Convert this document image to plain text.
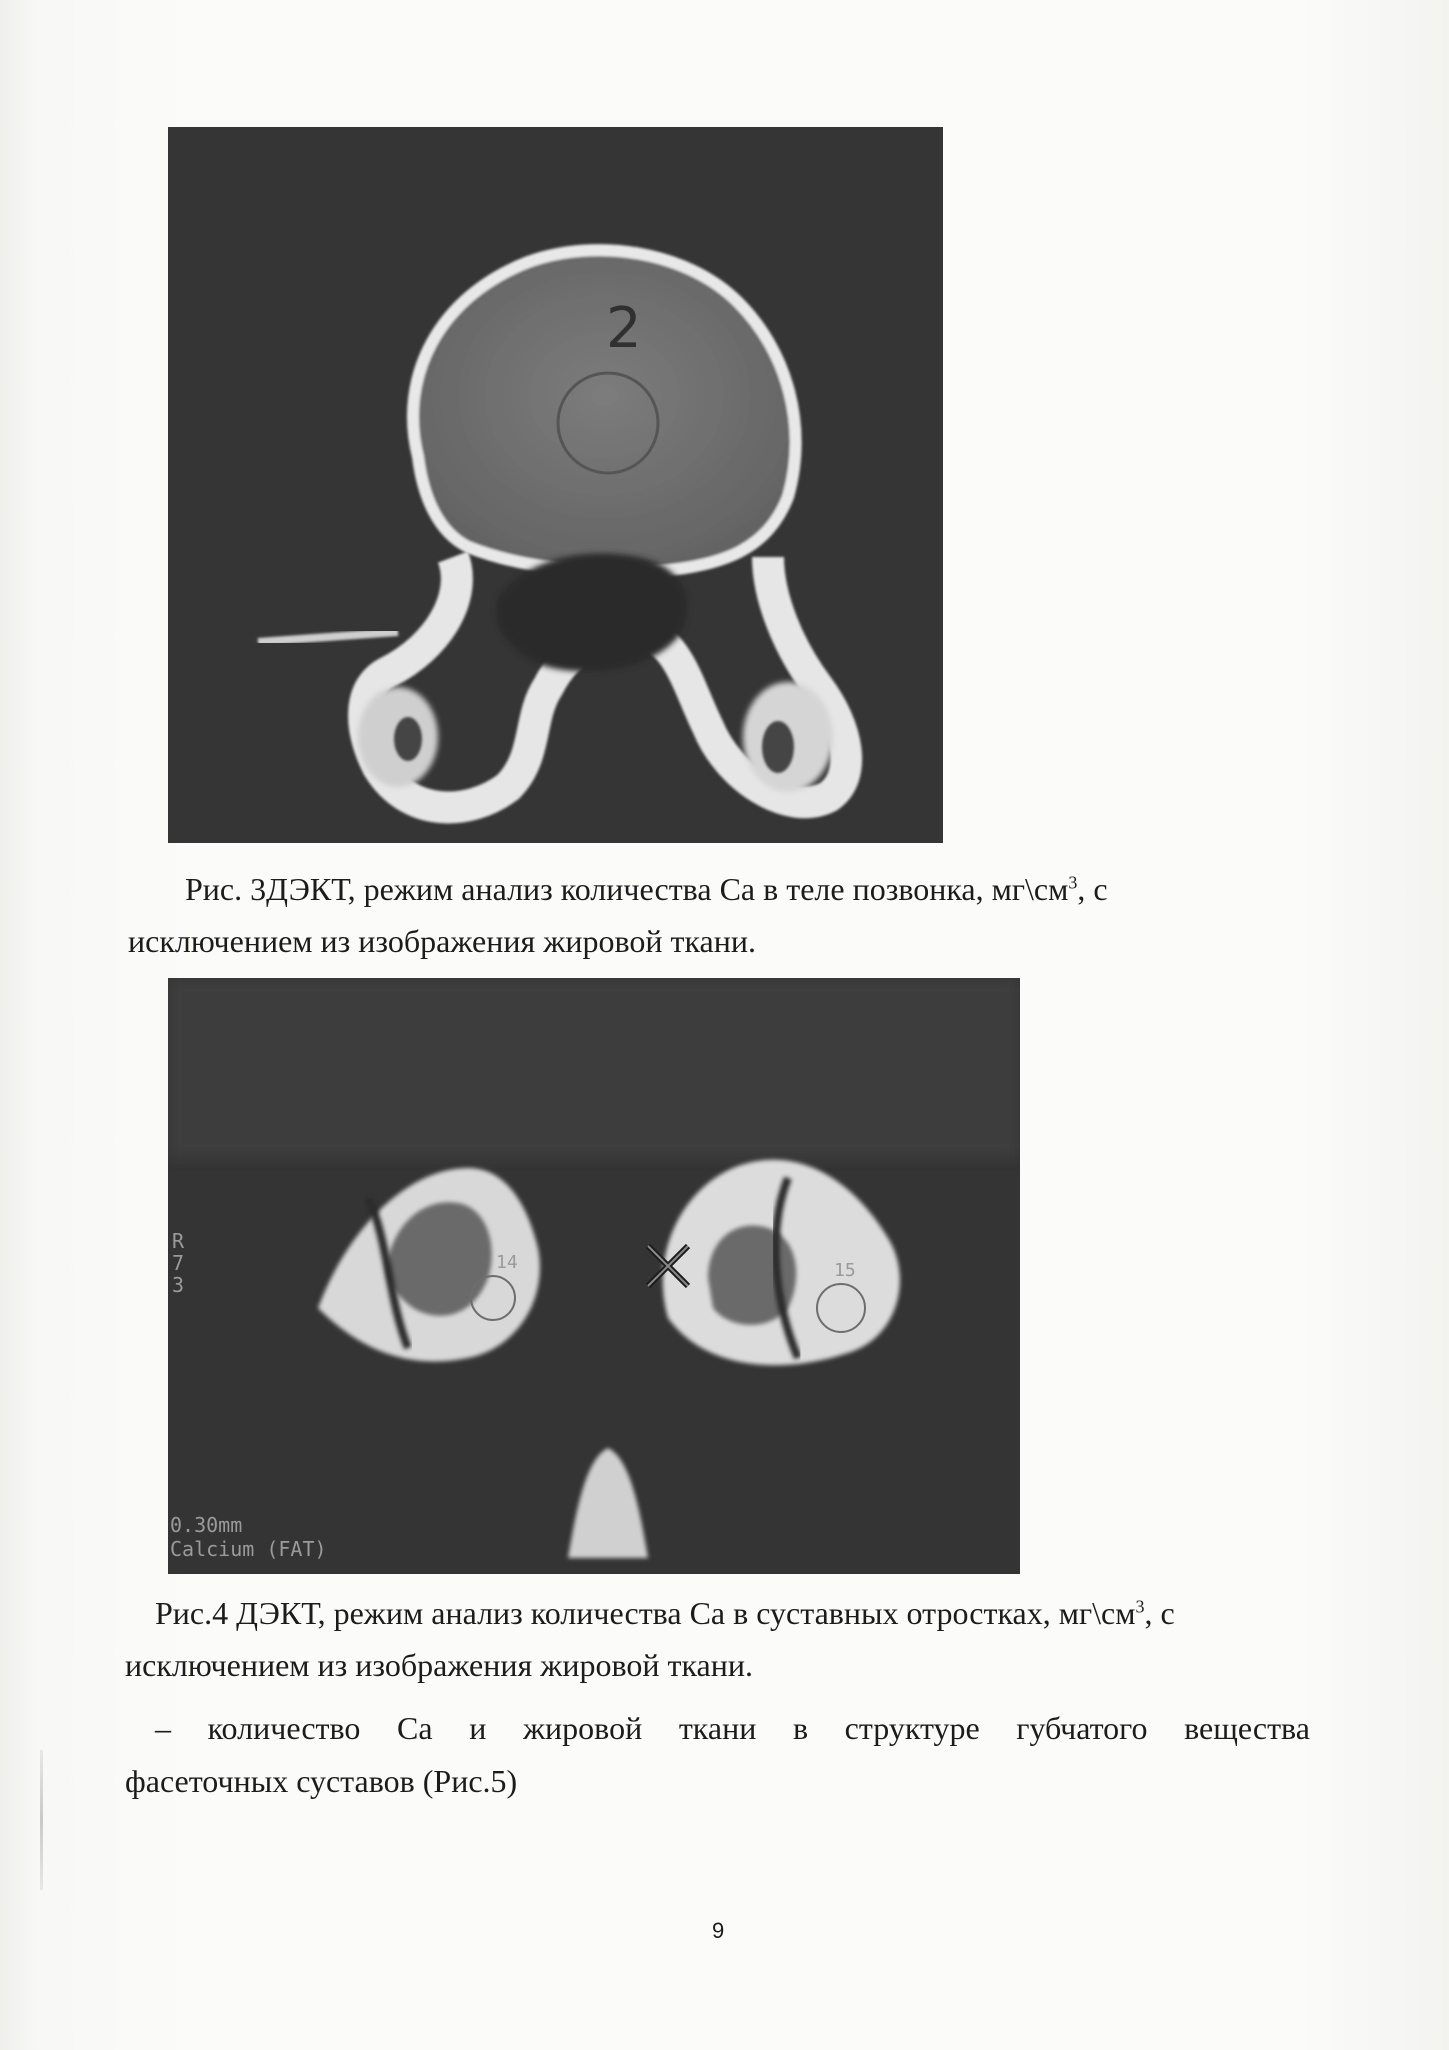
2
Рис. 3ДЭКТ, режим анализ количества Са в теле позвонка, $мг\backslash см^3$, с
исключением из изображения жировой ткани.
14	15
R
7
3
0.30mm
Calcium (FAT)
Рис.4 ДЭКТ, режим анализ количества Са в суставных отростках, $мг\backslash см^3$, с
исключением из изображения жировой ткани.
– количество Са и жировой ткани в структуре губчатого вещества
фасеточных суставов (Рис.5)
9
